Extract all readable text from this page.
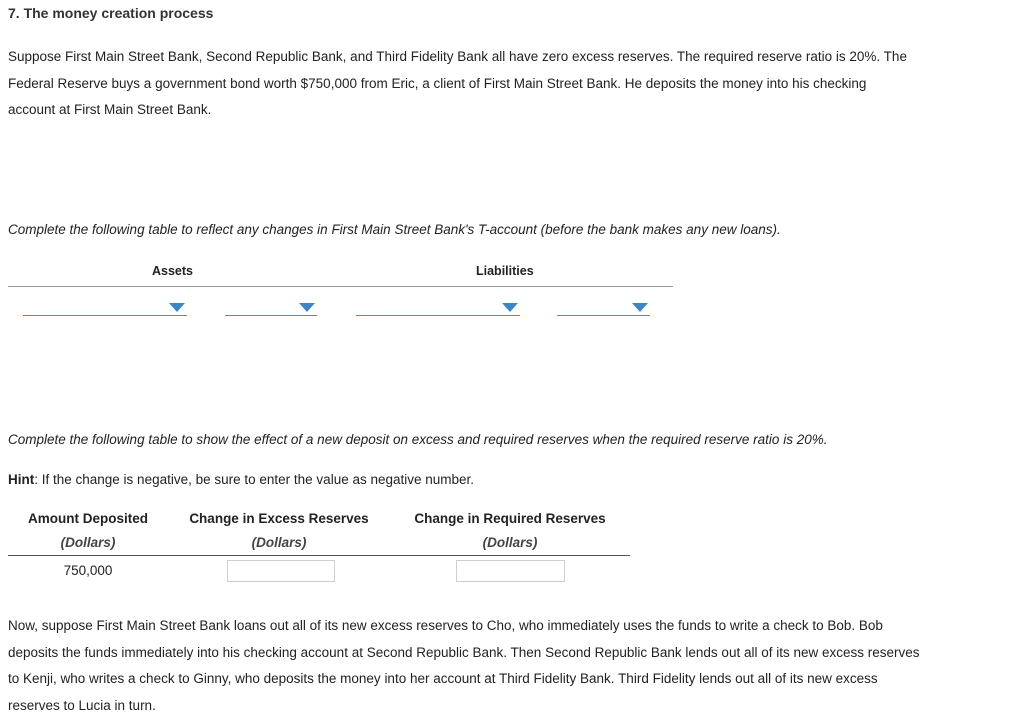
7. The money creation process
Suppose First Main Street Bank, Second Republic Bank, and Third Fidelity Bank all have zero excess reserves. The required reserve ratio is 20%. The
Federal Reserve buys a government bond worth $750,000 from Eric, a client of First Main Street Bank. He deposits the money into his checking
account at First Main Street Bank.
Complete the following table to reflect any changes in First Main Street Bank's T-account (before the bank makes any new loans).
Assets	Liabilities
Complete the following table to show the effect of a new deposit on excess and required reserves when the required reserve ratio is 20%.
Hint: If the change is negative, be sure to enter the value as negative number.
Amount Deposited
(Dollars)
Change in Excess Reserves
(Dollars)
Change in Required Reserves
(Dollars)
750,000
Now, suppose First Main Street Bank loans out all of its new excess reserves to Cho, who immediately uses the funds to write a check to Bob. Bob
deposits the funds immediately into his checking account at Second Republic Bank. Then Second Republic Bank lends out all of its new excess reserves
to Kenji, who writes a check to Ginny, who deposits the money into her account at Third Fidelity Bank. Third Fidelity lends out all of its new excess
reserves to Lucia in turn.
